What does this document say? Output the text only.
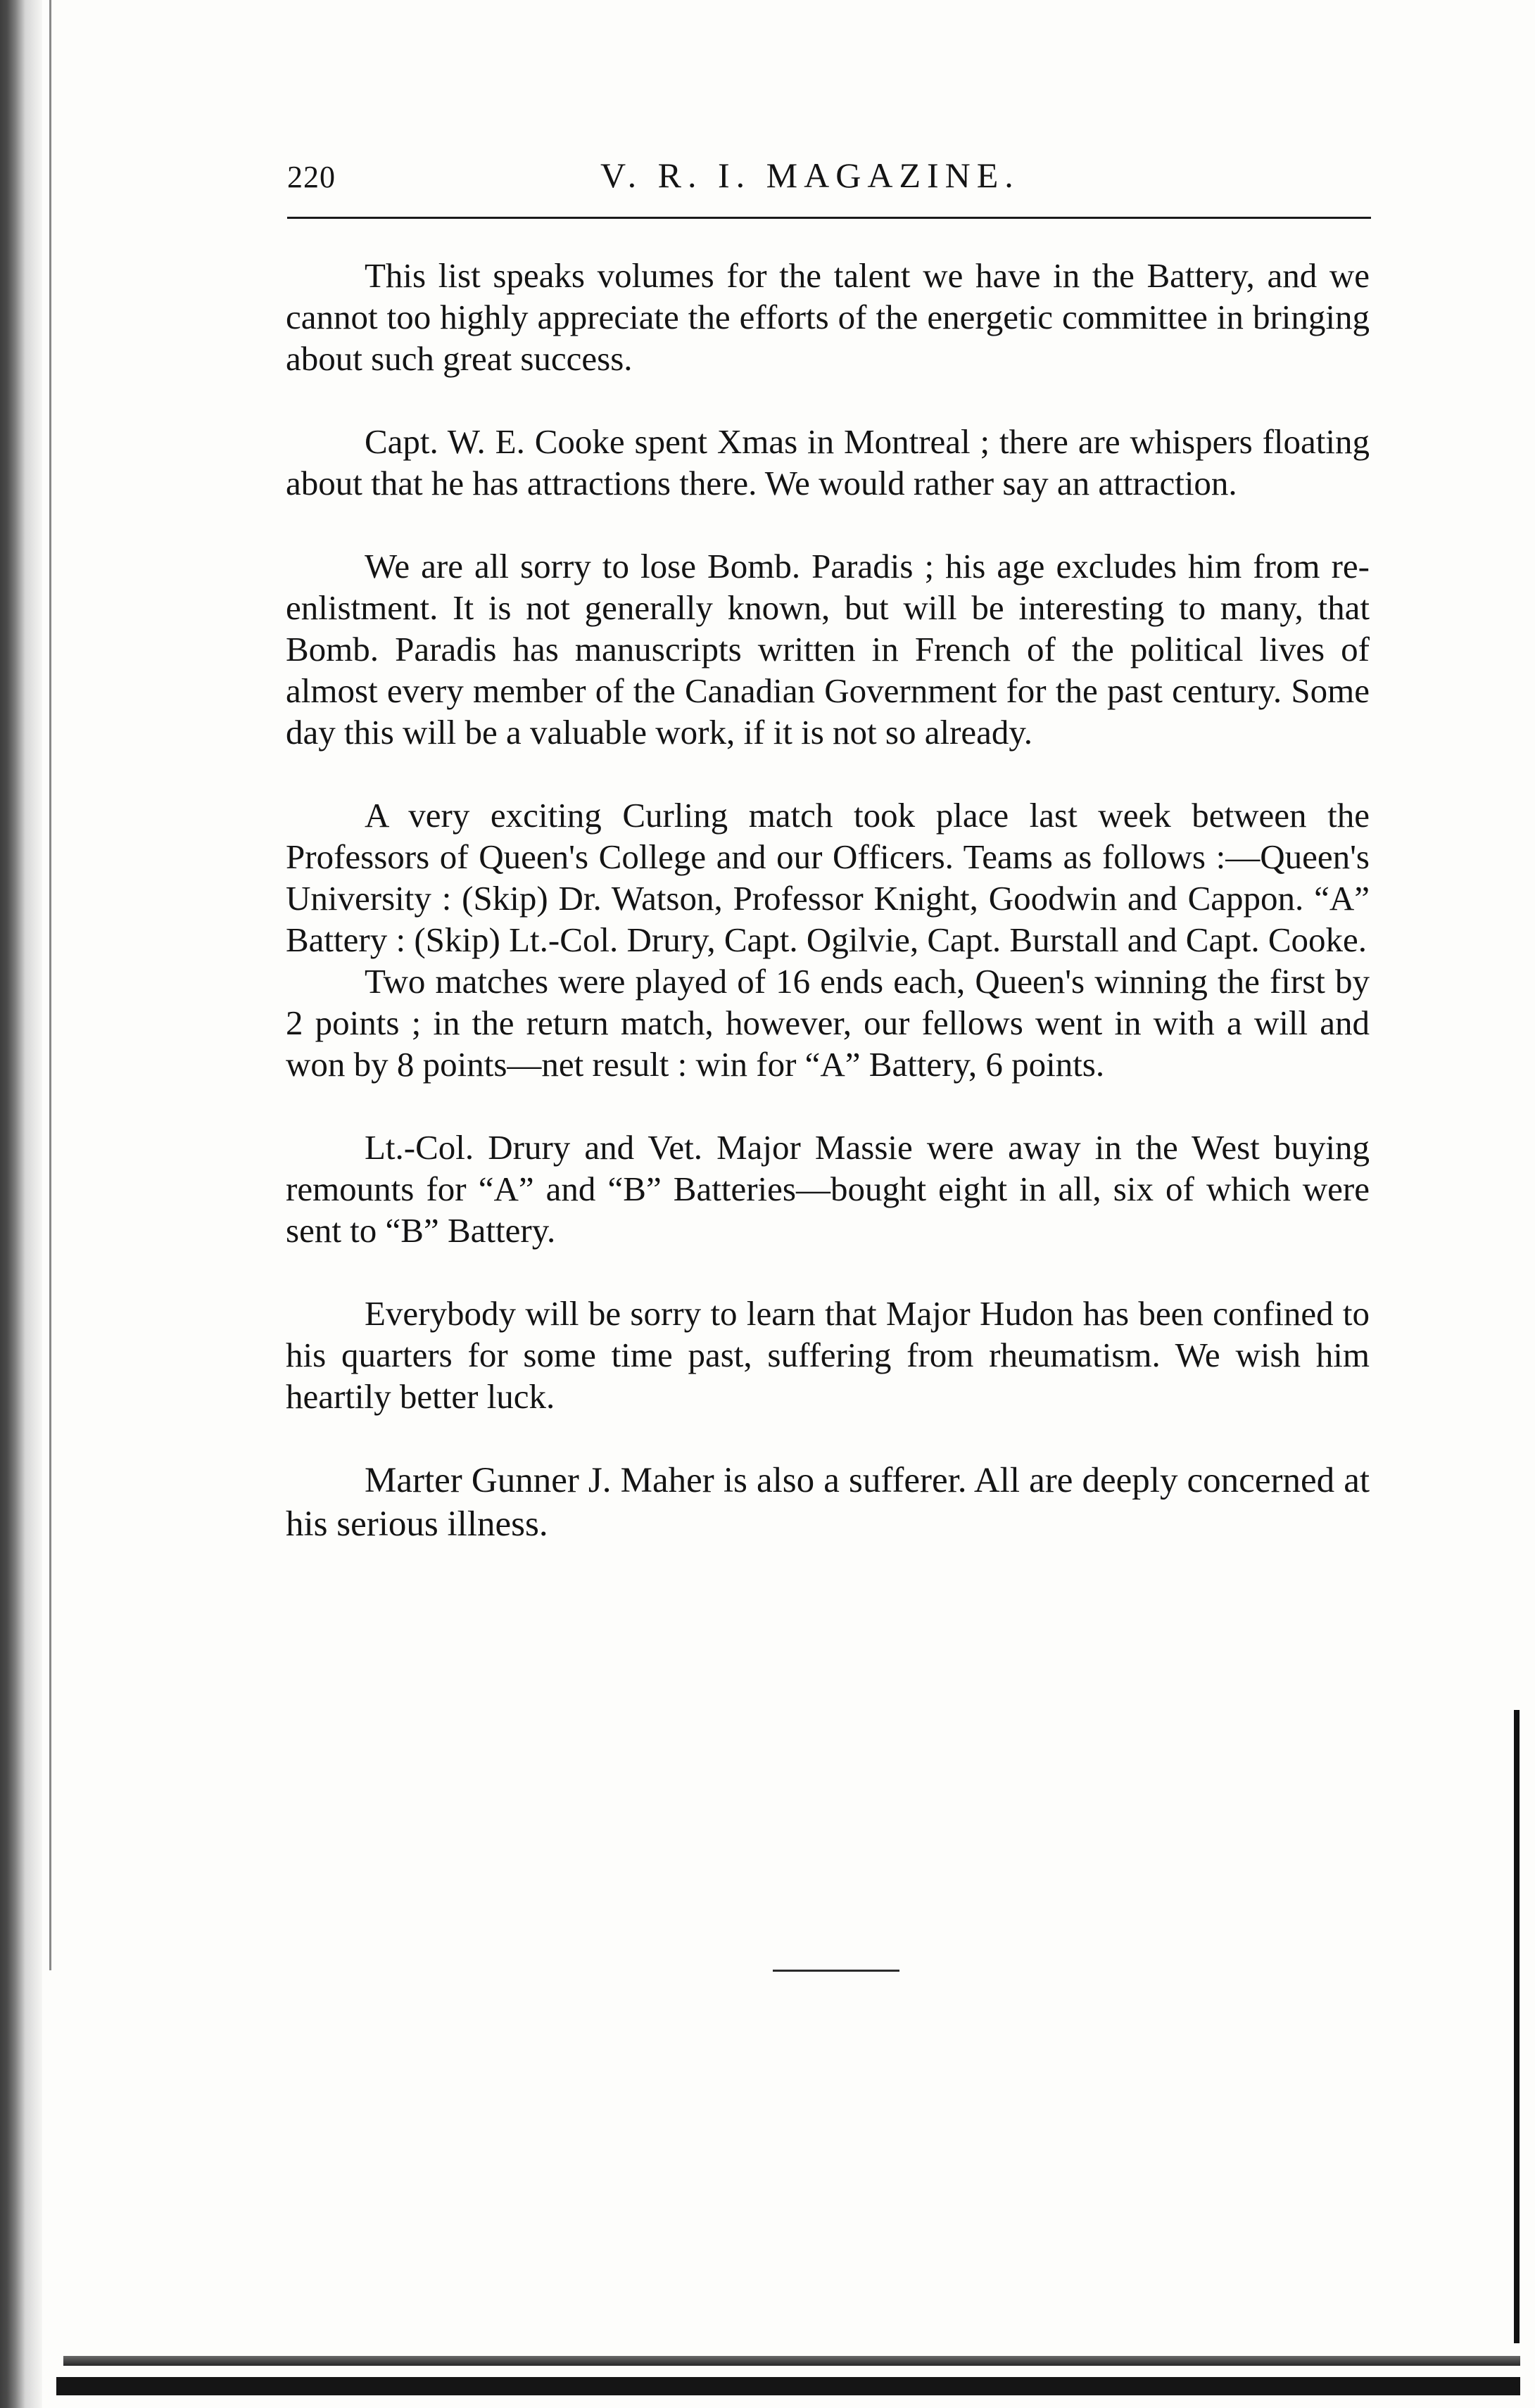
220	V. R. I. MAGAZINE.

This list speaks volumes for the talent we have in the Battery, and we cannot too highly appreciate the efforts of the energetic committee in bringing about such great success.

Capt. W. E. Cooke spent Xmas in Montreal ; there are whispers floating about that he has attractions there. We would rather say an attraction.

We are all sorry to lose Bomb. Paradis ; his age excludes him from re-enlistment. It is not generally known, but will be interesting to many, that Bomb. Paradis has manuscripts written in French of the political lives of almost every member of the Canadian Government for the past century. Some day this will be a valuable work, if it is not so already.

A very exciting Curling match took place last week between the Professors of Queen's College and our Officers. Teams as follows :—Queen's University : (Skip) Dr. Watson, Professor Knight, Goodwin and Cappon. “A” Battery : (Skip) Lt.-Col. Drury, Capt. Ogilvie, Capt. Burstall and Capt. Cooke.

Two matches were played of 16 ends each, Queen's winning the first by 2 points ; in the return match, however, our fellows went in with a will and won by 8 points—net result : win for “A” Battery, 6 points.

Lt.-Col. Drury and Vet. Major Massie were away in the West buying remounts for “A” and “B” Batteries—bought eight in all, six of which were sent to “B” Battery.

Everybody will be sorry to learn that Major Hudon has been confined to his quarters for some time past, suffering from rheumatism. We wish him heartily better luck.

Marter Gunner J. Maher is also a sufferer. All are deeply concerned at his serious illness.
